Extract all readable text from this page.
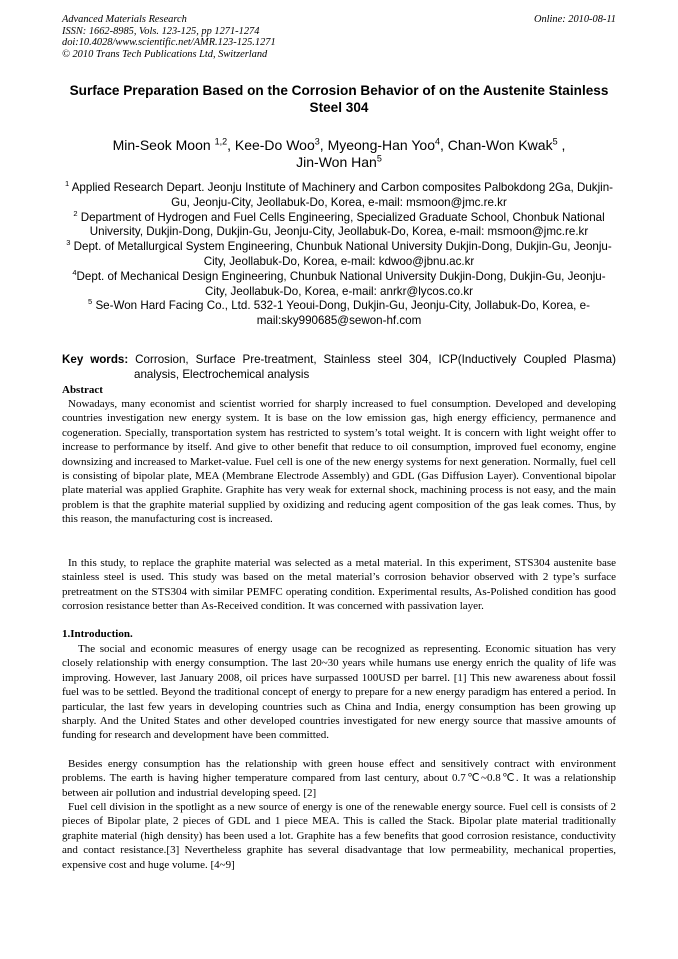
Advanced Materials Research
ISSN: 1662-8985, Vols. 123-125, pp 1271-1274
doi:10.4028/www.scientific.net/AMR.123-125.1271
© 2010 Trans Tech Publications Ltd, Switzerland
Online: 2010-08-11
Surface Preparation Based on the Corrosion Behavior of on the Austenite Stainless Steel 304
Min-Seok Moon $^{1,2}$, Kee-Do Woo$^3$, Myeong-Han Yoo$^4$, Chan-Won Kwak$^5$ ,
Jin-Won Han$^5$
$^1$ Applied Research Depart. Jeonju Institute of Machinery and Carbon composites Palbokdong 2Ga, Dukjin-Gu, Jeonju-City, Jeollabuk-Do, Korea, e-mail: msmoon@jmc.re.kr
$^2$ Department of Hydrogen and Fuel Cells Engineering, Specialized Graduate School, Chonbuk National University, Dukjin-Dong, Dukjin-Gu, Jeonju-City, Jeollabuk-Do, Korea, e-mail: msmoon@jmc.re.kr
$^3$ Dept. of Metallurgical System Engineering, Chunbuk National University Dukjin-Dong, Dukjin-Gu, Jeonju-City, Jeollabuk-Do, Korea, e-mail: kdwoo@jbnu.ac.kr
$^4$Dept. of Mechanical Design Engineering, Chunbuk National University Dukjin-Dong, Dukjin-Gu, Jeonju-City, Jeollabuk-Do, Korea, e-mail: anrkr@lycos.co.kr
$^5$ Se-Won Hard Facing Co., Ltd. 532-1 Yeoui-Dong, Dukjin-Gu, Jeonju-City, Jollabuk-Do, Korea, e-mail:sky990685@sewon-hf.com
Key words: Corrosion, Surface Pre-treatment, Stainless steel 304, ICP(Inductively Coupled Plasma) analysis, Electrochemical analysis
Abstract
Nowadays, many economist and scientist worried for sharply increased to fuel consumption. Developed and developing countries investigation new energy system. It is base on the low emission gas, high energy efficiency, permanence and cogeneration. Specially, transportation system has restricted to system’s total weight. It is concern with light weight offer to increase to performance by itself. And give to other benefit that reduce to oil consumption, improved fuel economy, engine downsizing and increased to Market-value. Fuel cell is one of the new energy systems for next generation. Normally, fuel cell is consisting of bipolar plate, MEA (Membrane Electrode Assembly) and GDL (Gas Diffusion Layer). Conventional bipolar plate material was applied Graphite. Graphite has very weak for external shock, machining process is not easy, and the main problem is that the graphite material supplied by oxidizing and reducing agent composition of the gas leak comes. Thus, by this reason, the manufacturing cost is increased.
In this study, to replace the graphite material was selected as a metal material. In this experiment, STS304 austenite base stainless steel is used. This study was based on the metal material’s corrosion behavior observed with 2 type’s surface pretreatment on the STS304 with similar PEMFC operating condition. Experimental results, As-Polished condition has good corrosion resistance better than As-Received condition. It was concerned with passivation layer.
1.Introduction.
The social and economic measures of energy usage can be recognized as representing. Economic situation has very closely relationship with energy consumption. The last 20~30 years while humans use energy enrich the quality of life was improving. However, last January 2008, oil prices have surpassed 100USD per barrel. [1] This new awareness about fossil fuel was to be settled. Beyond the traditional concept of energy to prepare for a new energy paradigm has entered a period. In particular, the last few years in developing countries such as China and India, energy consumption has been growing up sharply. And the United States and other developed countries investigated for new energy source that massive amounts of funding for research and development have been committed.
Besides energy consumption has the relationship with green house effect and sensitively contract with environment problems. The earth is having higher temperature compared from last century, about 0.7℃~0.8℃. It was a relationship between air pollution and industrial developing speed. [2]
Fuel cell division in the spotlight as a new source of energy is one of the renewable energy source. Fuel cell is consists of 2 pieces of Bipolar plate, 2 pieces of GDL and 1 piece MEA. This is called the Stack. Bipolar plate material traditionally graphite material (high density) has been used a lot. Graphite has a few benefits that good corrosion resistance, conductivity and contact resistance.[3] Nevertheless graphite has several disadvantage that low permeability, mechanical properties, expensive cost and huge volume. [4~9]
